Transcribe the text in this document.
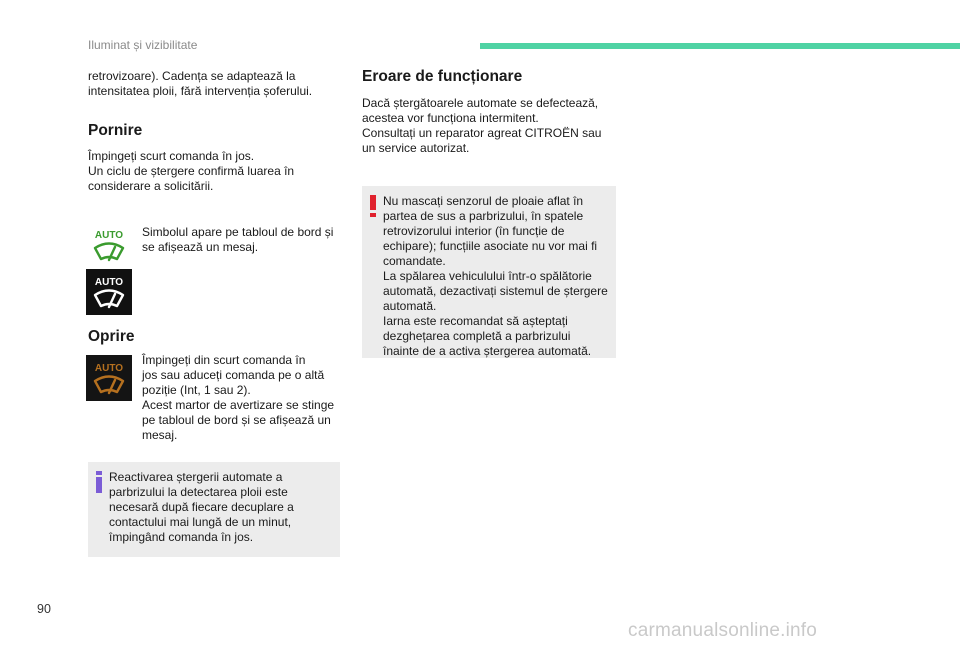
Iluminat și vizibilitate
retrovizoare). Cadența se adaptează la
intensitatea ploii, fără intervenția șoferului.
Pornire
Împingeți scurt comanda în jos.
Un ciclu de ștergere confirmă luarea în
considerare a solicitării.
AUTO
AUTO
Simbolul apare pe tabloul de bord și
se afișează un mesaj.
Oprire
AUTO
Împingeți din scurt comanda în
jos sau aduceți comanda pe o altă
poziție (Int, 1 sau 2).
Acest martor de avertizare se stinge
pe tabloul de bord și se afișează un
mesaj.
Reactivarea ștergerii automate a
parbrizului la detectarea ploii este
necesară după fiecare decuplare a
contactului mai lungă de un minut,
împingând comanda în jos.
Eroare de funcționare
Dacă ștergătoarele automate se defectează,
acestea vor funcționa intermitent.
Consultați un reparator agreat CITROËN sau
un service autorizat.
Nu mascați senzorul de ploaie aflat în
partea de sus a parbrizului, în spatele
retrovizorului interior (în funcție de
echipare); funcțiile asociate nu vor mai fi
comandate.
La spălarea vehiculului într-o spălătorie
automată, dezactivați sistemul de ștergere
automată.
Iarna este recomandat să așteptați
dezghețarea completă a parbrizului
înainte de a activa ștergerea automată.
90
carmanualsonline.info
